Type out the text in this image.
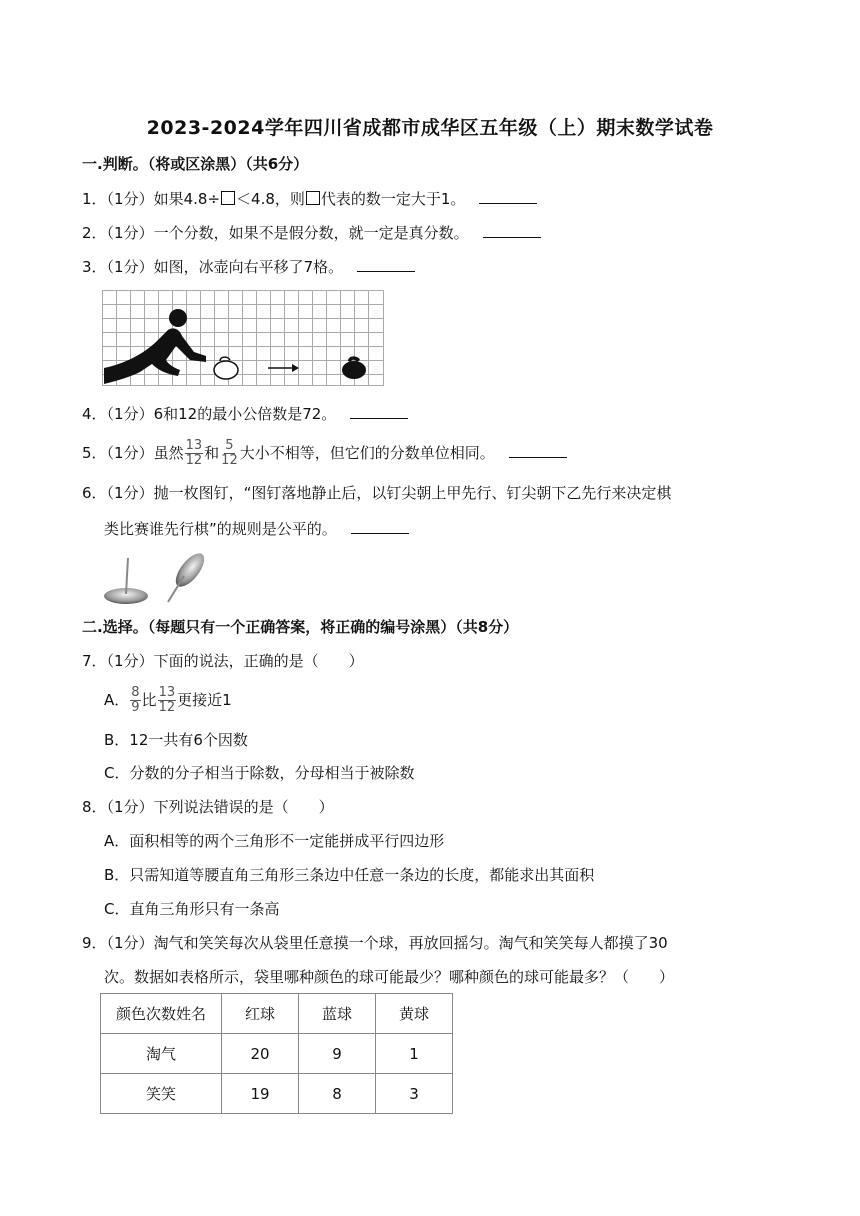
2023-2024学年四川省成都市成华区五年级（上）期末数学试卷
一.判断。（将或区涂黑）（共6分）
1．（1分）如果4.8÷ ＜4.8，则 代表的数一定大于1。
2．（1分）一个分数，如果不是假分数，就一定是真分数。
3．（1分）如图，冰壶向右平移了7格。
4．（1分）6和12的最小公倍数是72。
5．（1分）虽然 $\frac{13}{12}$ 和 $\frac{5}{12}$ 大小不相等，但它们的分数单位相同。
6．（1分）抛一枚图钉，“图钉落地静止后，以钉尖朝上甲先行、钉尖朝下乙先行来决定棋
类比赛谁先行棋”的规则是公平的。
二.选择。（每题只有一个正确答案，将正确的编号涂黑）（共8分）
7．（1分）下面的说法，正确的是（　　）
A． $\frac{8}{9}$ 比 $\frac{13}{12}$ 更接近1
B．12一共有6个因数
C．分数的分子相当于除数，分母相当于被除数
8．（1分）下列说法错误的是（　　）
A．面积相等的两个三角形不一定能拼成平行四边形
B．只需知道等腰直角三角形三条边中任意一条边的长度，都能求出其面积
C．直角三角形只有一条高
9．（1分）淘气和笑笑每次从袋里任意摸一个球，再放回摇匀。淘气和笑笑每人都摸了30
次。数据如表格所示，袋里哪种颜色的球可能最少？哪种颜色的球可能最多？（　　）
颜色次数姓名	红球	蓝球	黄球
淘气	20	9	1
笑笑	19	8	3
